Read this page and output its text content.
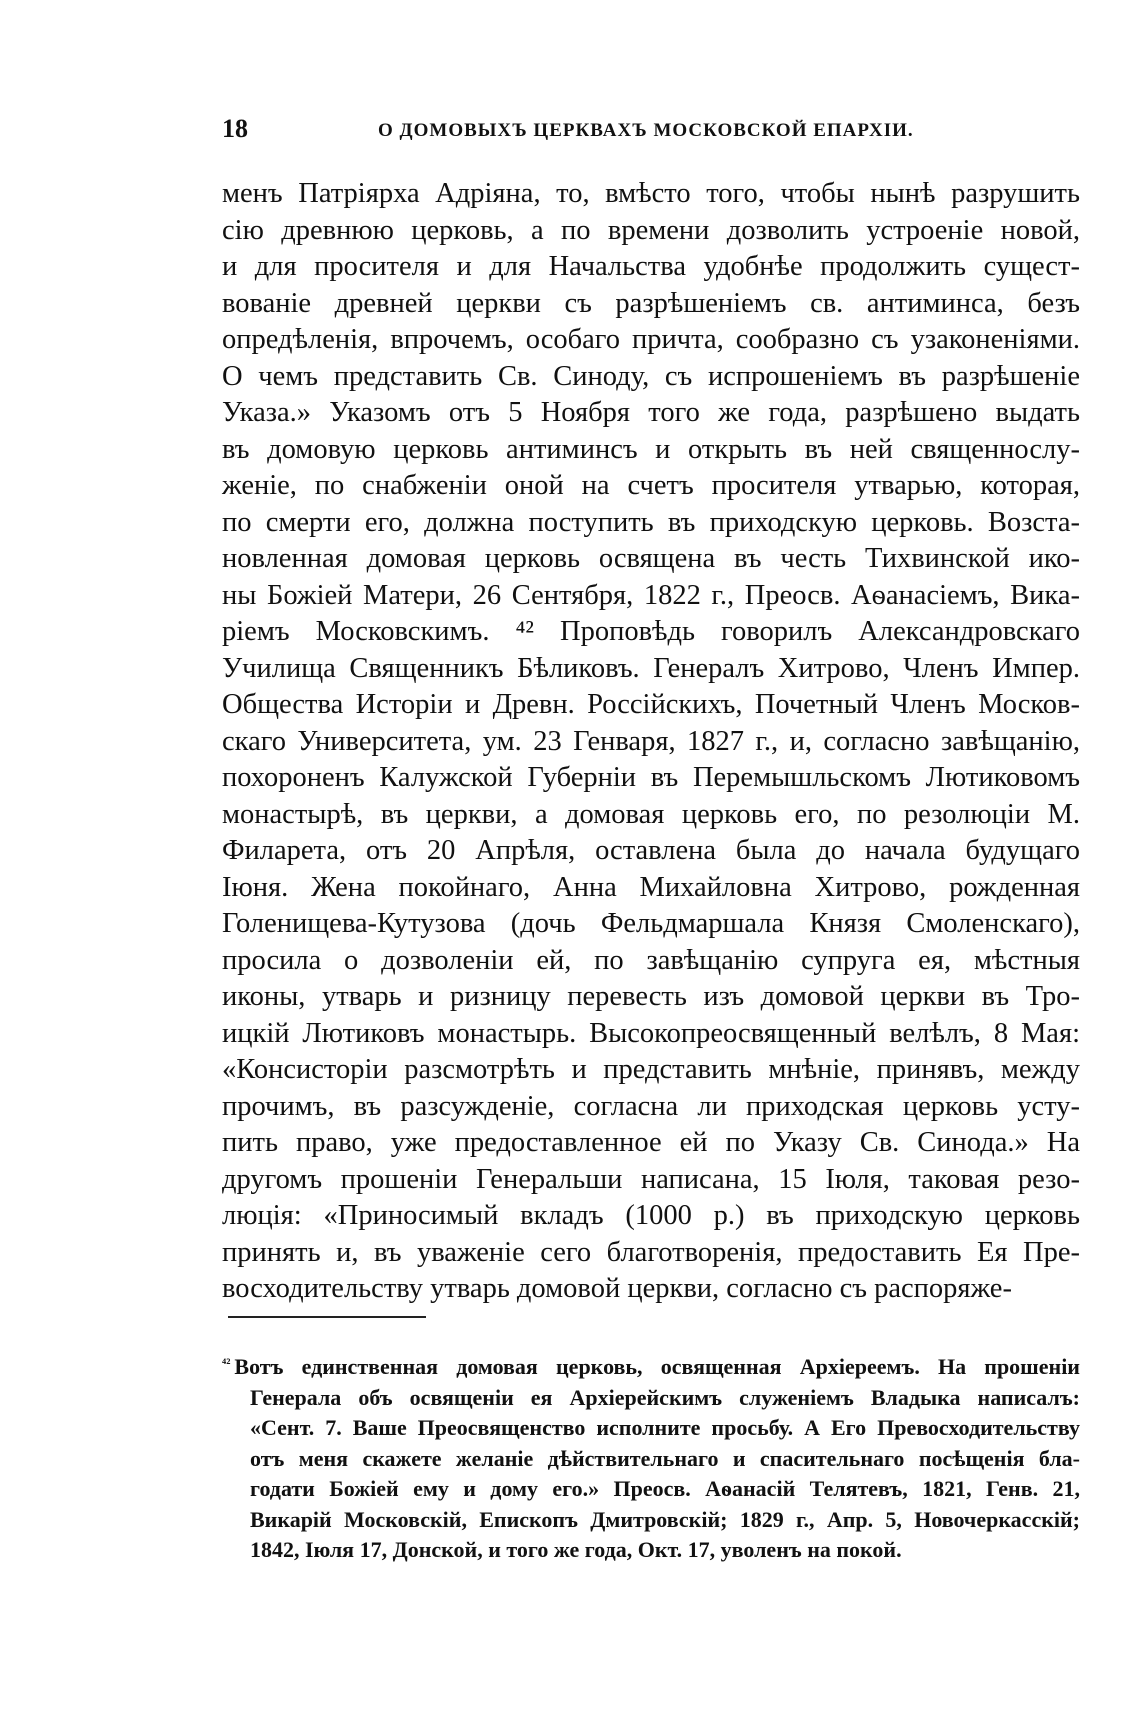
18	О ДОМОВЫХЪ ЦЕРКВАХЪ МОСКОВСКОЙ ЕПАРХІИ.
менъ Патріярха Адріяна, то, вмѣсто того, чтобы нынѣ разрушить
сію древнюю церковь, а по времени дозволить устроеніе новой,
и для просителя и для Начальства удобнѣе продолжить сущест-
вованіе древней церкви съ разрѣшеніемъ св. антиминса, безъ
опредѣленія, впрочемъ, особаго причта, сообразно съ узаконеніями.
О чемъ представить Св. Синоду, съ испрошеніемъ въ разрѣшеніе
Указа.» Указомъ отъ 5 Ноября того же года, разрѣшено выдать
въ домовую церковь антиминсъ и открыть въ ней священнослу-
женіе, по снабженіи оной на счетъ просителя утварью, которая,
по смерти его, должна поступить въ приходскую церковь. Возста-
новленная домовая церковь освящена въ честь Тихвинской ико-
ны Божіей Матери, 26 Сентября, 1822 г., Преосв. Аѳанасіемъ, Вика-
ріемъ Московскимъ. ⁴² Проповѣдь говорилъ Александровскаго
Училища Священникъ Бѣликовъ. Генералъ Хитрово, Членъ Импер.
Общества Исторіи и Древн. Россійскихъ, Почетный Членъ Москов-
скаго Университета, ум. 23 Генваря, 1827 г., и, согласно завѣщанію,
похороненъ Калужской Губерніи въ Перемышльскомъ Лютиковомъ
монастырѣ, въ церкви, а домовая церковь его, по резолюціи М.
Филарета, отъ 20 Апрѣля, оставлена была до начала будущаго
Іюня. Жена покойнаго, Анна Михайловна Хитрово, рожденная
Голенищева-Кутузова (дочь Фельдмаршала Князя Смоленскаго),
просила о дозволеніи ей, по завѣщанію супруга ея, мѣстныя
иконы, утварь и ризницу перевесть изъ домовой церкви въ Тро-
ицкій Лютиковъ монастырь. Высокопреосвященный велѣлъ, 8 Мая:
«Консисторіи разсмотрѣть и представить мнѣніе, принявъ, между
прочимъ, въ разсужденіе, согласна ли приходская церковь усту-
пить право, уже предоставленное ей по Указу Св. Синода.» На
другомъ прошеніи Генеральши написана, 15 Іюля, таковая резо-
люція: «Приносимый вкладъ (1000 р.) въ приходскую церковь
принять и, въ уваженіе сего благотворенія, предоставить Ея Пре-
восходительству утварь домовой церкви, согласно съ распоряже-
$^{^{42}}$ Вотъ единственная домовая церковь, освященная Архіереемъ. На прошеніи
Генерала объ освященіи ея Архіерейскимъ служеніемъ Владыка написалъ:
«Сент. 7. Ваше Преосвященство исполните просьбу. А Его Превосходительству
отъ меня скажете желаніе дѣйствительнаго и спасительнаго посѣщенія бла-
годати Божіей ему и дому его.» Преосв. Аѳанасій Телятевъ, 1821, Генв. 21,
Викарій Московскій, Епископъ Дмитровскій; 1829 г., Апр. 5, Новочеркасскій;
1842, Іюля 17, Донской, и того же года, Окт. 17, уволенъ на покой.
